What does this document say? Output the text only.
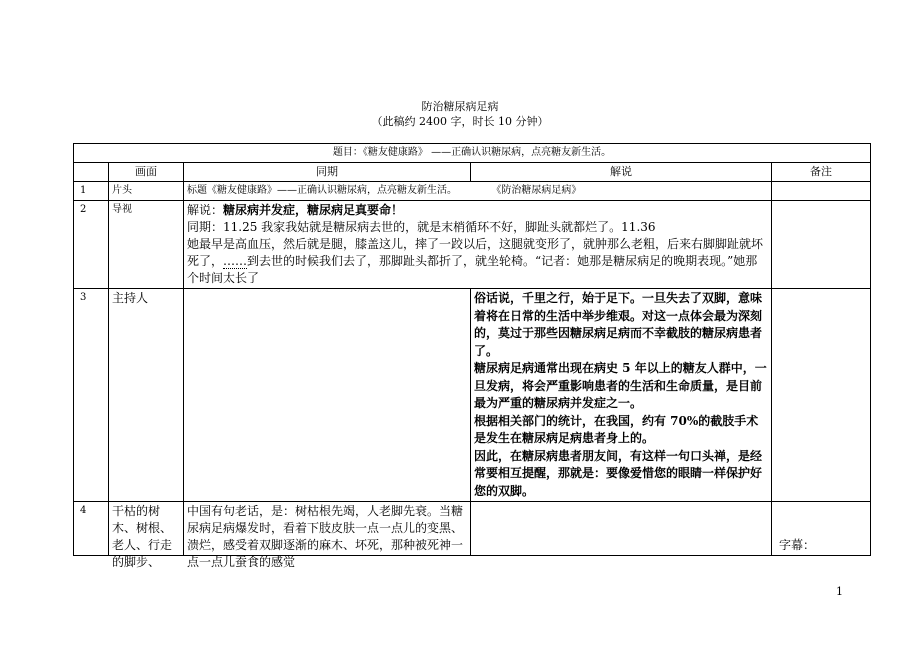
防治糖尿病足病
（此稿约 2400 字，时长 10 分钟）
题目：《糖友健康路》 ——正确认识糖尿病，点亮糖友新生活。				
	画面	同期	解说	备注
1	片头	标题《糖友健康路》——正确认识糖尿病，点亮糖友新生活。 《防治糖尿病足病》		
2	导视	解说：糖尿病并发症，糖尿病足真要命！
同期：11.25 我家我姑就是糖尿病去世的，就是末梢循环不好，脚趾头就都烂了。11.36
她最早是高血压，然后就是腿，膝盖这儿，摔了一跤以后，这腿就变形了，就肿那么老粗，后来右脚脚趾就坏死了，……到去世的时候我们去了，那脚趾头都折了，就坐轮椅。“记者：她那是糖尿病足的晚期表现。”她那个时间太长了		

3	主持人		俗话说，千里之行，始于足下。一旦失去了双脚，意味着将在日常的生活中举步维艰。对这一点体会最为深刻的，莫过于那些因糖尿病足病而不幸截肢的糖尿病患者了。
糖尿病足病通常出现在病史 5 年以上的糖友人群中，一旦发病，将会严重影响患者的生活和生命质量，是目前最为严重的糖尿病并发症之一。
根据相关部门的统计，在我国，约有 70%的截肢手术是发生在糖尿病足病患者身上的。
因此，在糖尿病患者朋友间，有这样一句口头禅，是经常要相互提醒，那就是：要像爱惜您的眼睛一样保护好您的双脚。	

4	干枯的树木、树根、老人、行走的脚步、	中国有句老话，是：树枯根先竭，人老脚先衰。当糖尿病足病爆发时，看着下肢皮肤一点一点儿的变黑、溃烂，感受着双脚逐渐的麻木、坏死，那种被死神一点一点儿蚕食的感觉		字幕：
1
